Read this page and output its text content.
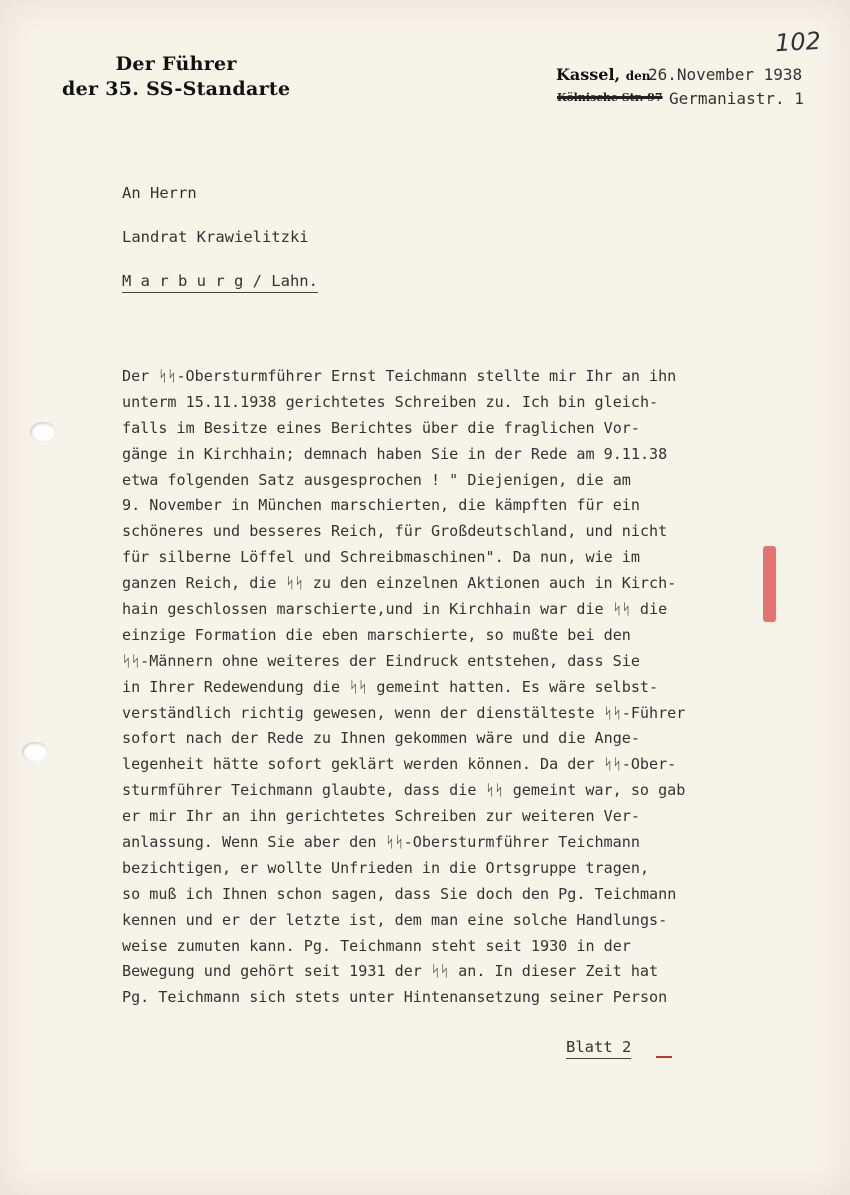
Der Führer
der 35. SS-Standarte
102
Kassel, den
26.November 1938
Kölnische Str. 97 Germaniastr. 1
An Herrn
Landrat Krawielitzki
M a r b u r g / Lahn.
Der ᛋᛋ-Obersturmführer Ernst Teichmann stellte mir Ihr an ihn
unterm 15.11.1938 gerichtetes Schreiben zu. Ich bin gleich-
falls im Besitze eines Berichtes über die fraglichen Vor-
gänge in Kirchhain; demnach haben Sie in der Rede am 9.11.38
etwa folgenden Satz ausgesprochen ! " Diejenigen, die am
9. November in München marschierten, die kämpften für ein
schöneres und besseres Reich, für Großdeutschland, und nicht
für silberne Löffel und Schreibmaschinen". Da nun, wie im
ganzen Reich, die ᛋᛋ zu den einzelnen Aktionen auch in Kirch-
hain geschlossen marschierte,und in Kirchhain war die ᛋᛋ die
einzige Formation die eben marschierte, so mußte bei den
ᛋᛋ-Männern ohne weiteres der Eindruck entstehen, dass Sie
in Ihrer Redewendung die ᛋᛋ gemeint hatten. Es wäre selbst-
verständlich richtig gewesen, wenn der dienstälteste ᛋᛋ-Führer
sofort nach der Rede zu Ihnen gekommen wäre und die Ange-
legenheit hätte sofort geklärt werden können. Da der ᛋᛋ-Ober-
sturmführer Teichmann glaubte, dass die ᛋᛋ gemeint war, so gab
er mir Ihr an ihn gerichtetes Schreiben zur weiteren Ver-
anlassung. Wenn Sie aber den ᛋᛋ-Obersturmführer Teichmann
bezichtigen, er wollte Unfrieden in die Ortsgruppe tragen,
so muß ich Ihnen schon sagen, dass Sie doch den Pg. Teichmann
kennen und er der letzte ist, dem man eine solche Handlungs-
weise zumuten kann. Pg. Teichmann steht seit 1930 in der
Bewegung und gehört seit 1931 der ᛋᛋ an. In dieser Zeit hat
Pg. Teichmann sich stets unter Hintenansetzung seiner Person
Blatt 2
